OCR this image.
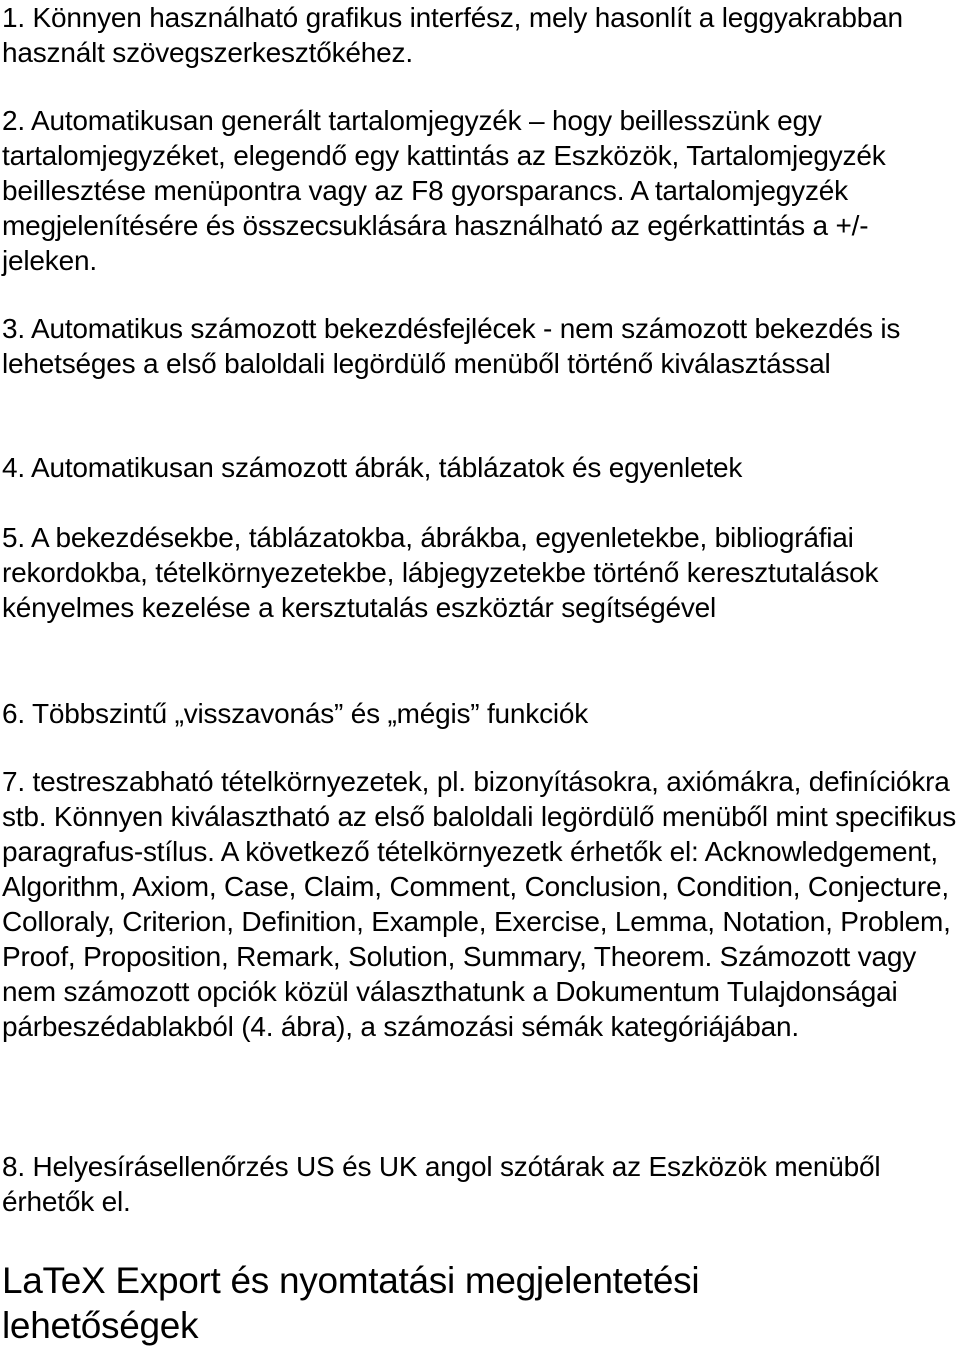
1. Könnyen használható grafikus interfész, mely hasonlít a leggyakrabban használt szövegszerkesztőkéhez.

2. Automatikusan generált tartalomjegyzék – hogy beillesszünk egy tartalomjegyzéket, elegendő egy kattintás az Eszközök, Tartalomjegyzék beillesztése menüpontra vagy az F8 gyorsparancs. A tartalomjegyzék megjelenítésére és összecsuklására használható az egérkattintás a +/- jeleken.

3. Automatikus számozott bekezdésfejlécek - nem számozott bekezdés is lehetséges a első baloldali legördülő menüből történő kiválasztással

4. Automatikusan számozott ábrák, táblázatok és egyenletek

5. A bekezdésekbe, táblázatokba, ábrákba, egyenletekbe, bibliográfiai rekordokba, tételkörnyezetekbe, lábjegyzetekbe történő keresztutalások kényelmes kezelése a kersztutalás eszköztár segítségével

6. Többszintű „visszavonás” és „mégis” funkciók

7. testreszabható tételkörnyezetek, pl. bizonyításokra, axiómákra, definíciókra stb. Könnyen kiválasztható az első baloldali legördülő menüből mint specifikus paragrafus-stílus. A következő tételkörnyezetk érhetők el: Acknowledgement, Algorithm, Axiom, Case, Claim, Comment, Conclusion, Condition, Conjecture, Colloraly, Criterion, Definition, Example, Exercise, Lemma, Notation, Problem, Proof, Proposition, Remark, Solution, Summary, Theorem. Számozott vagy nem számozott opciók közül választhatunk a Dokumentum Tulajdonságai párbeszédablakból (4. ábra), a számozási sémák kategóriájában.

8. Helyesírásellenőrzés US és UK angol szótárak az Eszközök menüből érhetők el.

LaTeX Export és nyomtatási megjelentetési lehetőségek
